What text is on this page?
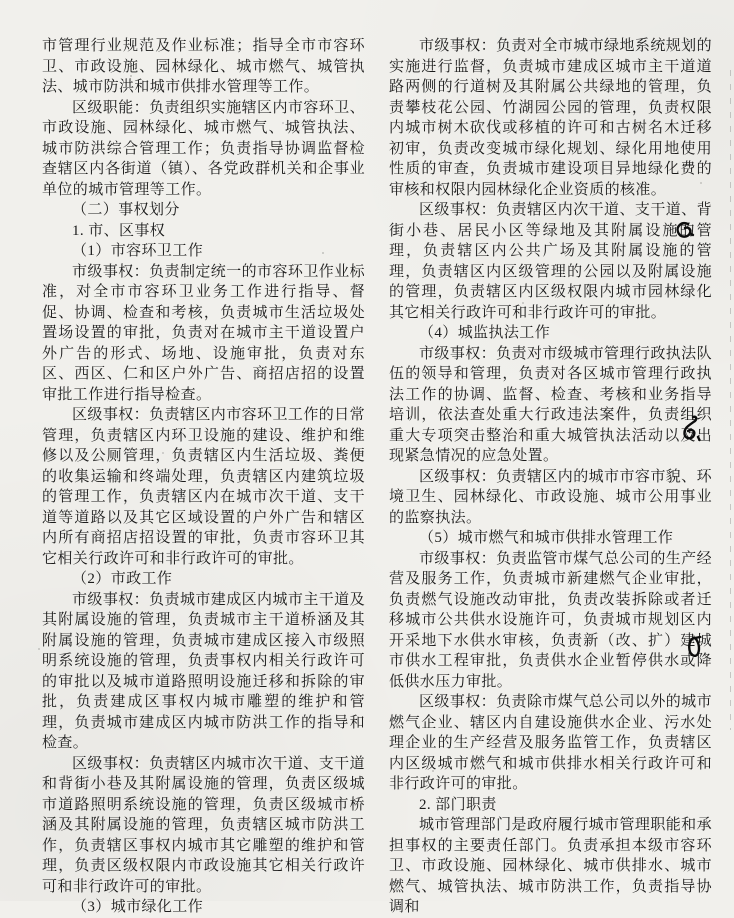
市管理行业规范及作业标准；指导全市市容环卫、市政设施、园林绿化、城市燃气、城管执法、城市防洪和城市供排水管理等工作。

区级职能：负责组织实施辖区内市容环卫、市政设施、园林绿化、城市燃气、城管执法、城市防洪综合管理工作；负责指导协调监督检查辖区内各街道（镇）、各党政群机关和企事业单位的城市管理等工作。

（二）事权划分

1. 市、区事权

（1）市容环卫工作

市级事权：负责制定统一的市容环卫作业标准，对全市市容环卫业务工作进行指导、督促、协调、检查和考核，负责城市生活垃圾处置场设置的审批，负责对在城市主干道设置户外广告的形式、场地、设施审批，负责对东区、西区、仁和区户外广告、商招店招的设置审批工作进行指导检查。

区级事权：负责辖区内市容环卫工作的日常管理，负责辖区内环卫设施的建设、维护和维修以及公厕管理，负责辖区内生活垃圾、粪便的收集运输和终端处理，负责辖区内建筑垃圾的管理工作，负责辖区内在城市次干道、支干道等道路以及其它区域设置的户外广告和辖区内所有商招店招设置的审批，负责市容环卫其它相关行政许可和非行政许可的审批。

（2）市政工作

市级事权：负责城市建成区内城市主干道及其附属设施的管理，负责城市主干道桥涵及其附属设施的管理，负责城市建成区接入市级照明系统设施的管理，负责事权内相关行政许可的审批以及城市道路照明设施迁移和拆除的审批，负责建成区事权内城市雕塑的维护和管理，负责城市建成区内城市防洪工作的指导和检查。

区级事权：负责辖区内城市次干道、支干道和背街小巷及其附属设施的管理，负责区级城市道路照明系统设施的管理，负责区级城市桥涵及其附属设施的管理，负责辖区城市防洪工作，负责辖区事权内城市其它雕塑的维护和管理，负责区级权限内市政设施其它相关行政许可和非行政许可的审批。

（3）城市绿化工作

市级事权：负责对全市城市绿地系统规划的实施进行监督，负责城市建成区城市主干道道路两侧的行道树及其附属公共绿地的管理，负责攀枝花公园、竹湖园公园的管理，负责权限内城市树木砍伐或移植的许可和古树名木迁移初审，负责改变城市绿化规划、绿化用地使用性质的审查，负责城市建设项目异地绿化费的审核和权限内园林绿化企业资质的核准。

区级事权：负责辖区内次干道、支干道、背街小巷、居民小区等绿地及其附属设施的管理，负责辖区内公共广场及其附属设施的管理，负责辖区内区级管理的公园以及附属设施的管理，负责辖区内区级权限内城市园林绿化其它相关行政许可和非行政许可的审批。

（4）城监执法工作

市级事权：负责对市级城市管理行政执法队伍的领导和管理，负责对各区城市管理行政执法工作的协调、监督、检查、考核和业务指导培训，依法查处重大行政违法案件，负责组织重大专项突击整治和重大城管执法活动以及出现紧急情况的应急处置。

区级事权：负责辖区内的城市市容市貌、环境卫生、园林绿化、市政设施、城市公用事业的监察执法。

（5）城市燃气和城市供排水管理工作

市级事权：负责监管市煤气总公司的生产经营及服务工作，负责城市新建燃气企业审批，负责燃气设施改动审批，负责改装拆除或者迁移城市公共供水设施许可，负责城市规划区内开采地下水供水审核，负责新（改、扩）建城市供水工程审批，负责供水企业暂停供水或降低供水压力审批。

区级事权：负责除市煤气总公司以外的城市燃气企业、辖区内自建设施供水企业、污水处理企业的生产经营及服务监管工作，负责辖区内区级城市燃气和城市供排水相关行政许可和非行政许可的审批。

2. 部门职责

城市管理部门是政府履行城市管理职能和承担事权的主要责任部门。负责承担本级市容环卫、市政设施、园林绿化、城市供排水、城市燃气、城管执法、城市防洪工作，负责指导协调和
